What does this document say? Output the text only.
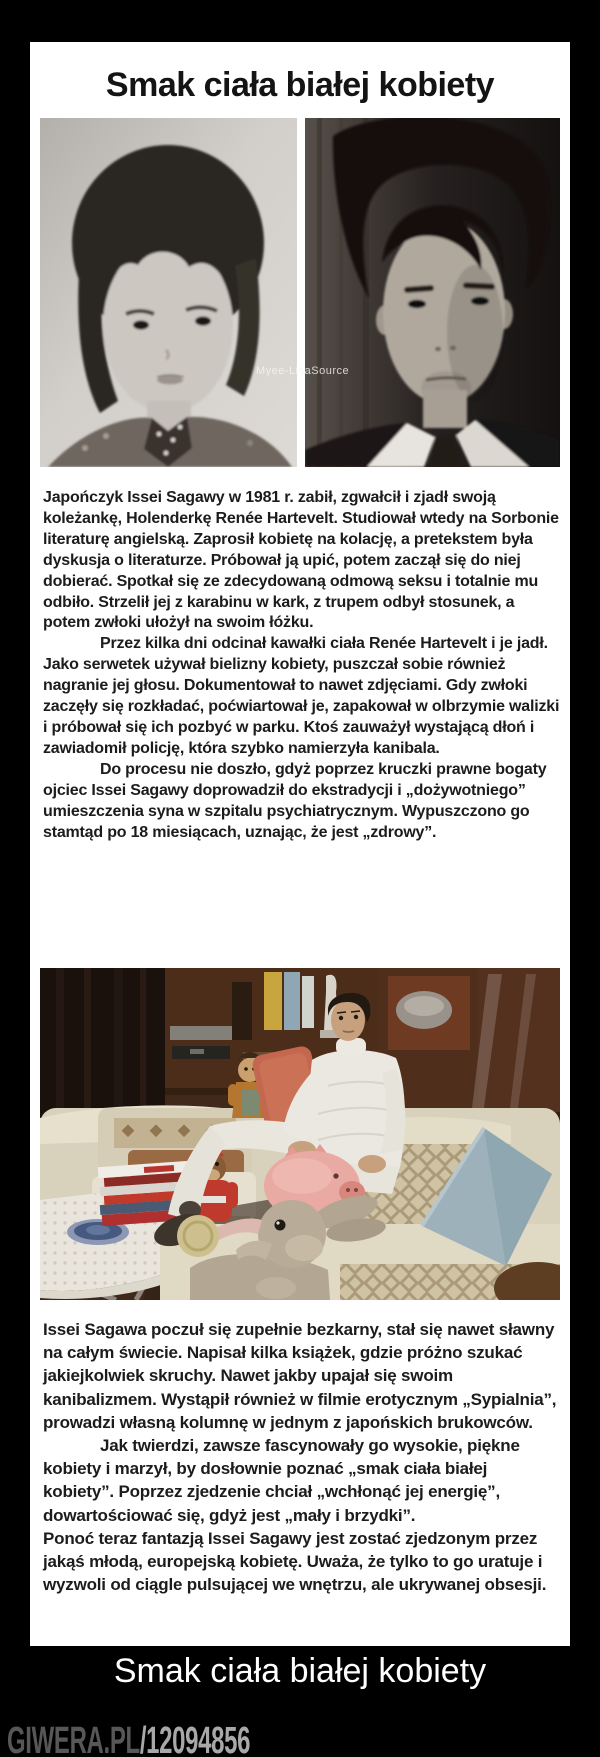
Smak ciała białej kobiety
Myee-LisaSource

Japończyk Issei Sagawy w 1981 r. zabił, zgwałcił i zjadł swoją koleżankę, Holenderkę Renée Hartevelt. Studiował wtedy na Sorbonie literaturę angielską. Zaprosił kobietę na kolację, a pretekstem była dyskusja o literaturze. Próbował ją upić, potem zaczął się do niej dobierać. Spotkał się ze zdecydowaną odmową seksu i totalnie mu odbiło. Strzelił jej z karabinu w kark, z trupem odbył stosunek, a potem zwłoki ułożył na swoim łóżku.

Przez kilka dni odcinał kawałki ciała Renée Hartevelt i je jadł. Jako serwetek używał bielizny kobiety, puszczał sobie również nagranie jej głosu. Dokumentował to nawet zdjęciami. Gdy zwłoki zaczęły się rozkładać, poćwiartował je, zapakował w olbrzymie walizki i próbował się ich pozbyć w parku. Ktoś zauważył wystającą dłoń i zawiadomił policję, która szybko namierzyła kanibala.

Do procesu nie doszło, gdyż poprzez kruczki prawne bogaty ojciec Issei Sagawy doprowadził do ekstradycji i „dożywotniego” umieszczenia syna w szpitalu psychiatrycznym. Wypuszczono go stamtąd po 18 miesiącach, uznając, że jest „zdrowy”.

Issei Sagawa poczuł się zupełnie bezkarny, stał się nawet sławny na całym świecie. Napisał kilka książek, gdzie próżno szukać jakiejkolwiek skruchy. Nawet jakby upajał się swoim kanibalizmem. Wystąpił również w filmie erotycznym „Sypialnia”, prowadzi własną kolumnę w jednym z japońskich brukowców.

Jak twierdzi, zawsze fascynowały go wysokie, piękne kobiety i marzył, by dosłownie poznać „smak ciała białej kobiety”. Poprzez zjedzenie chciał „wchłonąć jej energię”, dowartościować się, gdyż jest „mały i brzydki”.

Ponoć teraz fantazją Issei Sagawy jest zostać zjedzonym przez jakąś młodą, europejską kobietę. Uważa, że tylko to go uratuje i wyzwoli od ciągle pulsującej we wnętrzu, ale ukrywanej obsesji.

Smak ciała białej kobiety
GIWERA.PL/12094856
